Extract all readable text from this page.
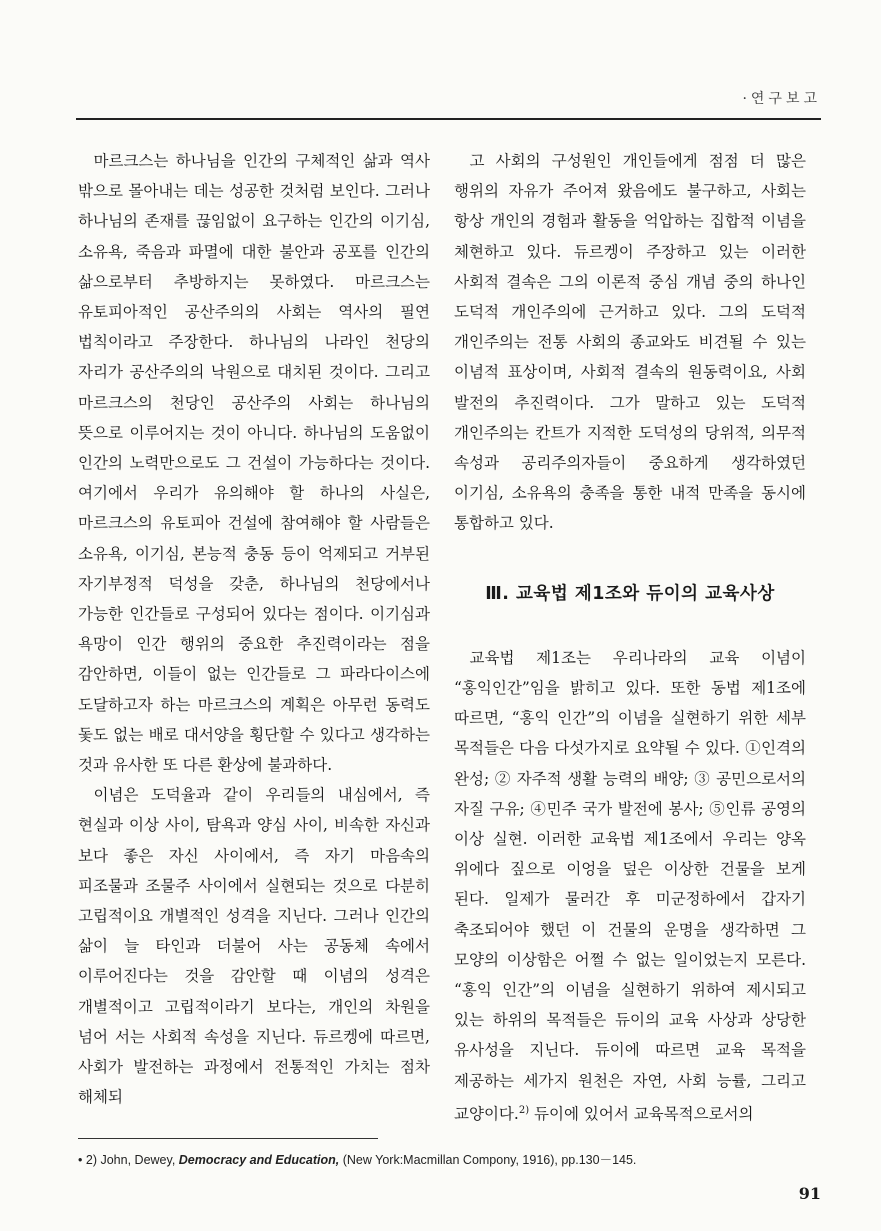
·연구보고

마르크스는 하나님을 인간의 구체적인 삶과 역사 밖으로 몰아내는 데는 성공한 것처럼 보인다. 그러나 하나님의 존재를 끊임없이 요구하는 인간의 이기심, 소유욕, 죽음과 파멸에 대한 불안과 공포를 인간의 삶으로부터 추방하지는 못하였다. 마르크스는 유토피아적인 공산주의의 사회는 역사의 필연 법칙이라고 주장한다. 하나님의 나라인 천당의 자리가 공산주의의 낙원으로 대치된 것이다. 그리고 마르크스의 천당인 공산주의 사회는 하나님의 뜻으로 이루어지는 것이 아니다. 하나님의 도움없이 인간의 노력만으로도 그 건설이 가능하다는 것이다. 여기에서 우리가 유의해야 할 하나의 사실은, 마르크스의 유토피아 건설에 참여해야 할 사람들은 소유욕, 이기심, 본능적 충동 등이 억제되고 거부된 자기부정적 덕성을 갖춘, 하나님의 천당에서나 가능한 인간들로 구성되어 있다는 점이다. 이기심과 욕망이 인간 행위의 중요한 추진력이라는 점을 감안하면, 이들이 없는 인간들로 그 파라다이스에 도달하고자 하는 마르크스의 계획은 아무런 동력도 돛도 없는 배로 대서양을 횡단할 수 있다고 생각하는 것과 유사한 또 다른 환상에 불과하다.

이념은 도덕율과 같이 우리들의 내심에서, 즉 현실과 이상 사이, 탐욕과 양심 사이, 비속한 자신과 보다 좋은 자신 사이에서, 즉 자기 마음속의 피조물과 조물주 사이에서 실현되는 것으로 다분히 고립적이요 개별적인 성격을 지닌다. 그러나 인간의 삶이 늘 타인과 더불어 사는 공동체 속에서 이루어진다는 것을 감안할 때 이념의 성격은 개별적이고 고립적이라기 보다는, 개인의 차원을 넘어 서는 사회적 속성을 지닌다. 듀르켕에 따르면, 사회가 발전하는 과정에서 전통적인 가치는 점차 해체되

고 사회의 구성원인 개인들에게 점점 더 많은 행위의 자유가 주어져 왔음에도 불구하고, 사회는 항상 개인의 경험과 활동을 억압하는 집합적 이념을 체현하고 있다. 듀르켕이 주장하고 있는 이러한 사회적 결속은 그의 이론적 중심 개념 중의 하나인 도덕적 개인주의에 근거하고 있다. 그의 도덕적 개인주의는 전통 사회의 종교와도 비견될 수 있는 이념적 표상이며, 사회적 결속의 원동력이요, 사회 발전의 추진력이다. 그가 말하고 있는 도덕적 개인주의는 칸트가 지적한 도덕성의 당위적, 의무적 속성과 공리주의자들이 중요하게 생각하였던 이기심, 소유욕의 충족을 통한 내적 만족을 동시에 통합하고 있다.

Ⅲ. 교육법 제1조와 듀이의 교육사상

교육법 제1조는 우리나라의 교육 이념이 “홍익인간”임을 밝히고 있다. 또한 동법 제1조에 따르면, “홍익 인간”의 이념을 실현하기 위한 세부 목적들은 다음 다섯가지로 요약될 수 있다. ①인격의 완성; ② 자주적 생활 능력의 배양; ③ 공민으로서의 자질 구유; ④민주 국가 발전에 봉사; ⑤인류 공영의 이상 실현. 이러한 교육법 제1조에서 우리는 양옥 위에다 짚으로 이엉을 덮은 이상한 건물을 보게 된다. 일제가 물러간 후 미군정하에서 갑자기 축조되어야 했던 이 건물의 운명을 생각하면 그 모양의 이상함은 어쩔 수 없는 일이었는지 모른다. “홍익 인간”의 이념을 실현하기 위하여 제시되고 있는 하위의 목적들은 듀이의 교육 사상과 상당한 유사성을 지닌다. 듀이에 따르면 교육 목적을 제공하는 세가지 원천은 자연, 사회 능률, 그리고 교양이다.$^{2)}$ 듀이에 있어서 교육목적으로서의

• 2) John, Dewey, Democracy and Education, (New York:Macmillan Compony, 1916), pp.130－145.
91
